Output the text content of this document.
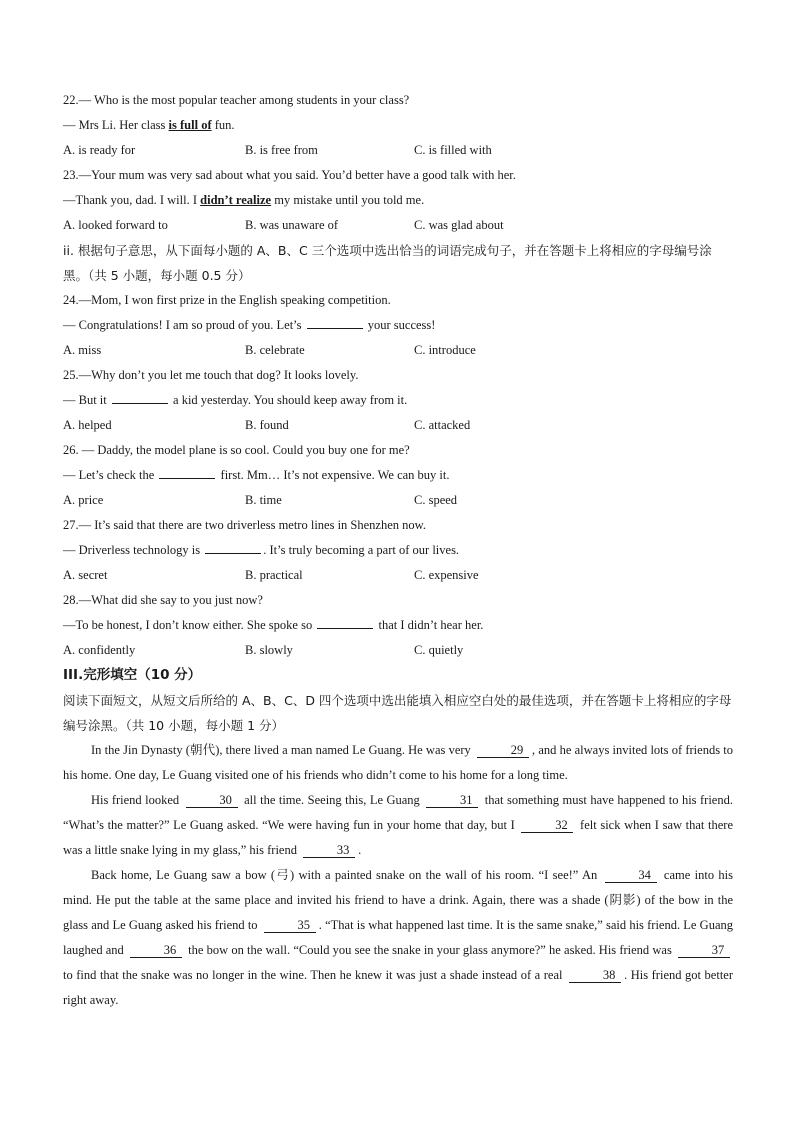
22.— Who is the most popular teacher among students in your class?
— Mrs Li. Her class is full of fun.
A. is ready for	B. is free from	C. is filled with
23.—Your mum was very sad about what you said. You’d better have a good talk with her.
—Thank you, dad. I will. I didn’t realize my mistake until you told me.
A. looked forward to	B. was unaware of	C. was glad about
ii. 根据句子意思，从下面每小题的 A、B、C 三个选项中选出恰当的词语完成句子，并在答题卡上将相应的字母编号涂黑。（共 5 小题，每小题 0.5 分）
24.—Mom, I won first prize in the English speaking competition.
— Congratulations! I am so proud of you. Let’s	your success!
A. miss	B. celebrate	C. introduce
25.—Why don’t you let me touch that dog? It looks lovely.
— But it	a kid yesterday. You should keep away from it.
A. helped	B. found	C. attacked
26. — Daddy, the model plane is so cool. Could you buy one for me?
— Let’s check the	first. Mm… It’s not expensive. We can buy it.
A. price	B. time	C. speed
27.— It’s said that there are two driverless metro lines in Shenzhen now.
— Driverless technology is	. It’s truly becoming a part of our lives.
A. secret	B. practical	C. expensive
28.—What did she say to you just now?
—To be honest, I don’t know either. She spoke so	that I didn’t hear her.
A. confidently	B. slowly	C. quietly
III.完形填空（10 分）
阅读下面短文，从短文后所给的 A、B、C、D 四个选项中选出能填入相应空白处的最佳选项，并在答题卡上将相应的字母编号涂黑。（共 10 小题，每小题 1 分）
In the Jin Dynasty (朝代), there lived a man named Le Guang. He was very	29 , and he always invited lots of friends to his home. One day, Le Guang visited one of his friends who didn’t come to his home for a long time.
His friend looked	30 all the time. Seeing this, Le Guang	31 that something must have happened to his friend. “What’s the matter?” Le Guang asked. “We were having fun in your home that day, but I	32 felt sick when I saw that there was a little snake lying in my glass,” his friend	33 .
Back home, Le Guang saw a bow (弓) with a painted snake on the wall of his room. “I see!” An	34 came into his mind. He put the table at the same place and invited his friend to have a drink. Again, there was a shade (阴影) of the bow in the glass and Le Guang asked his friend to	35 . “That is what happened last time. It is the same snake,” said his friend. Le Guang laughed and	36 the bow on the wall. “Could you see the snake in your glass anymore?” he asked. His friend was	37 to find that the snake was no longer in the wine. Then he knew it was just a shade instead of a real	38 . His friend got better right away.
